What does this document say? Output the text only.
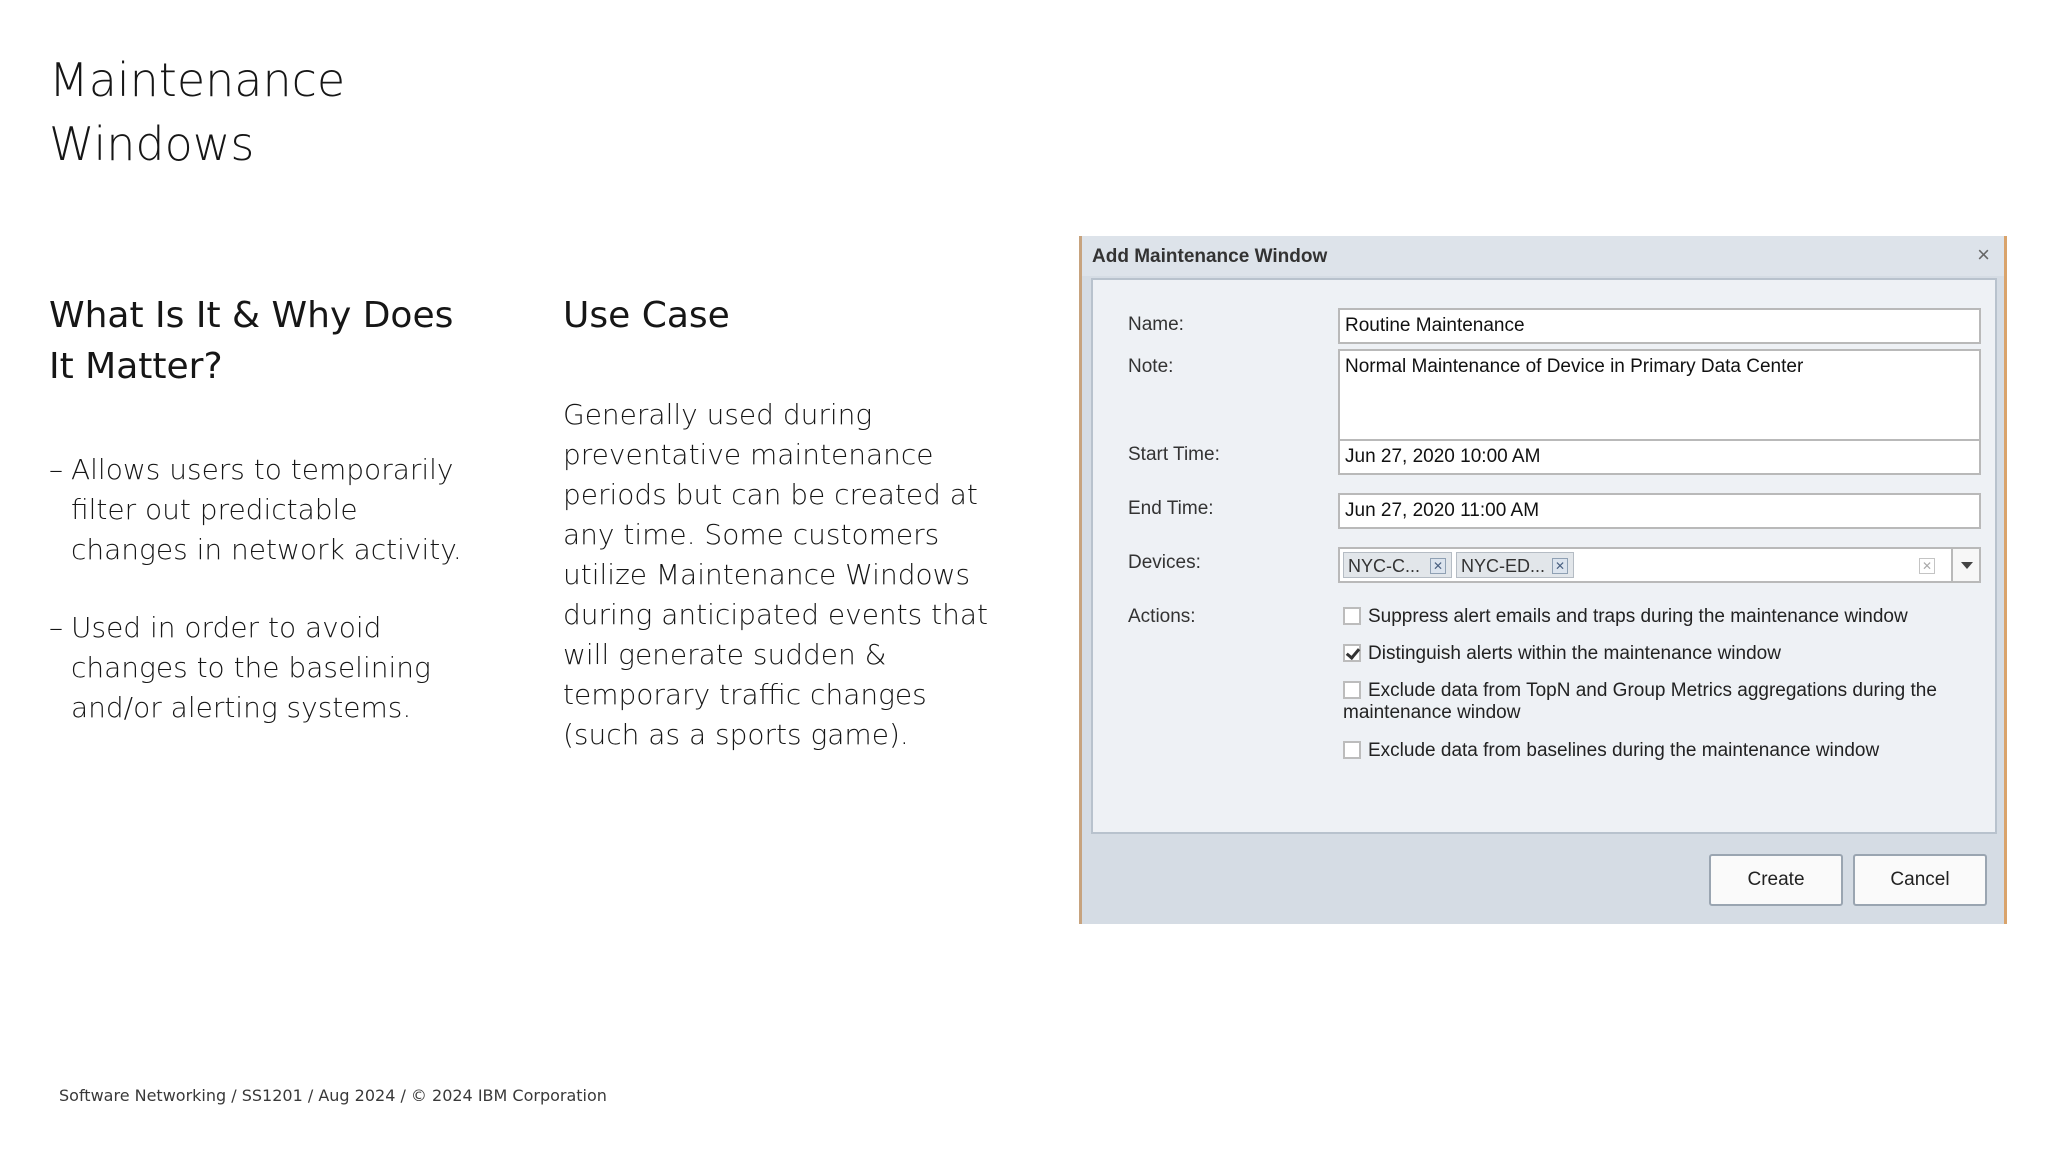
Maintenance
Windows
What Is It & Why Does It Matter?
– Allows users to temporarily filter out predictable changes in network activity.
– Used in order to avoid changes to the baselining and/or alerting systems.
Use Case
Generally used during preventative maintenance periods but can be created at any time. Some customers utilize Maintenance Windows during anticipated events that will generate sudden & temporary traffic changes (such as a sports game).
Add Maintenance Window	×
Name:	Routine Maintenance
Note:	Normal Maintenance of Device in Primary Data Center
Start Time:	Jun 27, 2020 10:00 AM
End Time:	Jun 27, 2020 11:00 AM
Devices:	NYC-C... ✕ NYC-ED... ✕	✕
Actions:	Suppress alert emails and traps during the maintenance window
Distinguish alerts within the maintenance window
Exclude data from TopN and Group Metrics aggregations during the maintenance window
Exclude data from baselines during the maintenance window
Create	Cancel
Software Networking / SS1201 / Aug 2024 / © 2024 IBM Corporation
